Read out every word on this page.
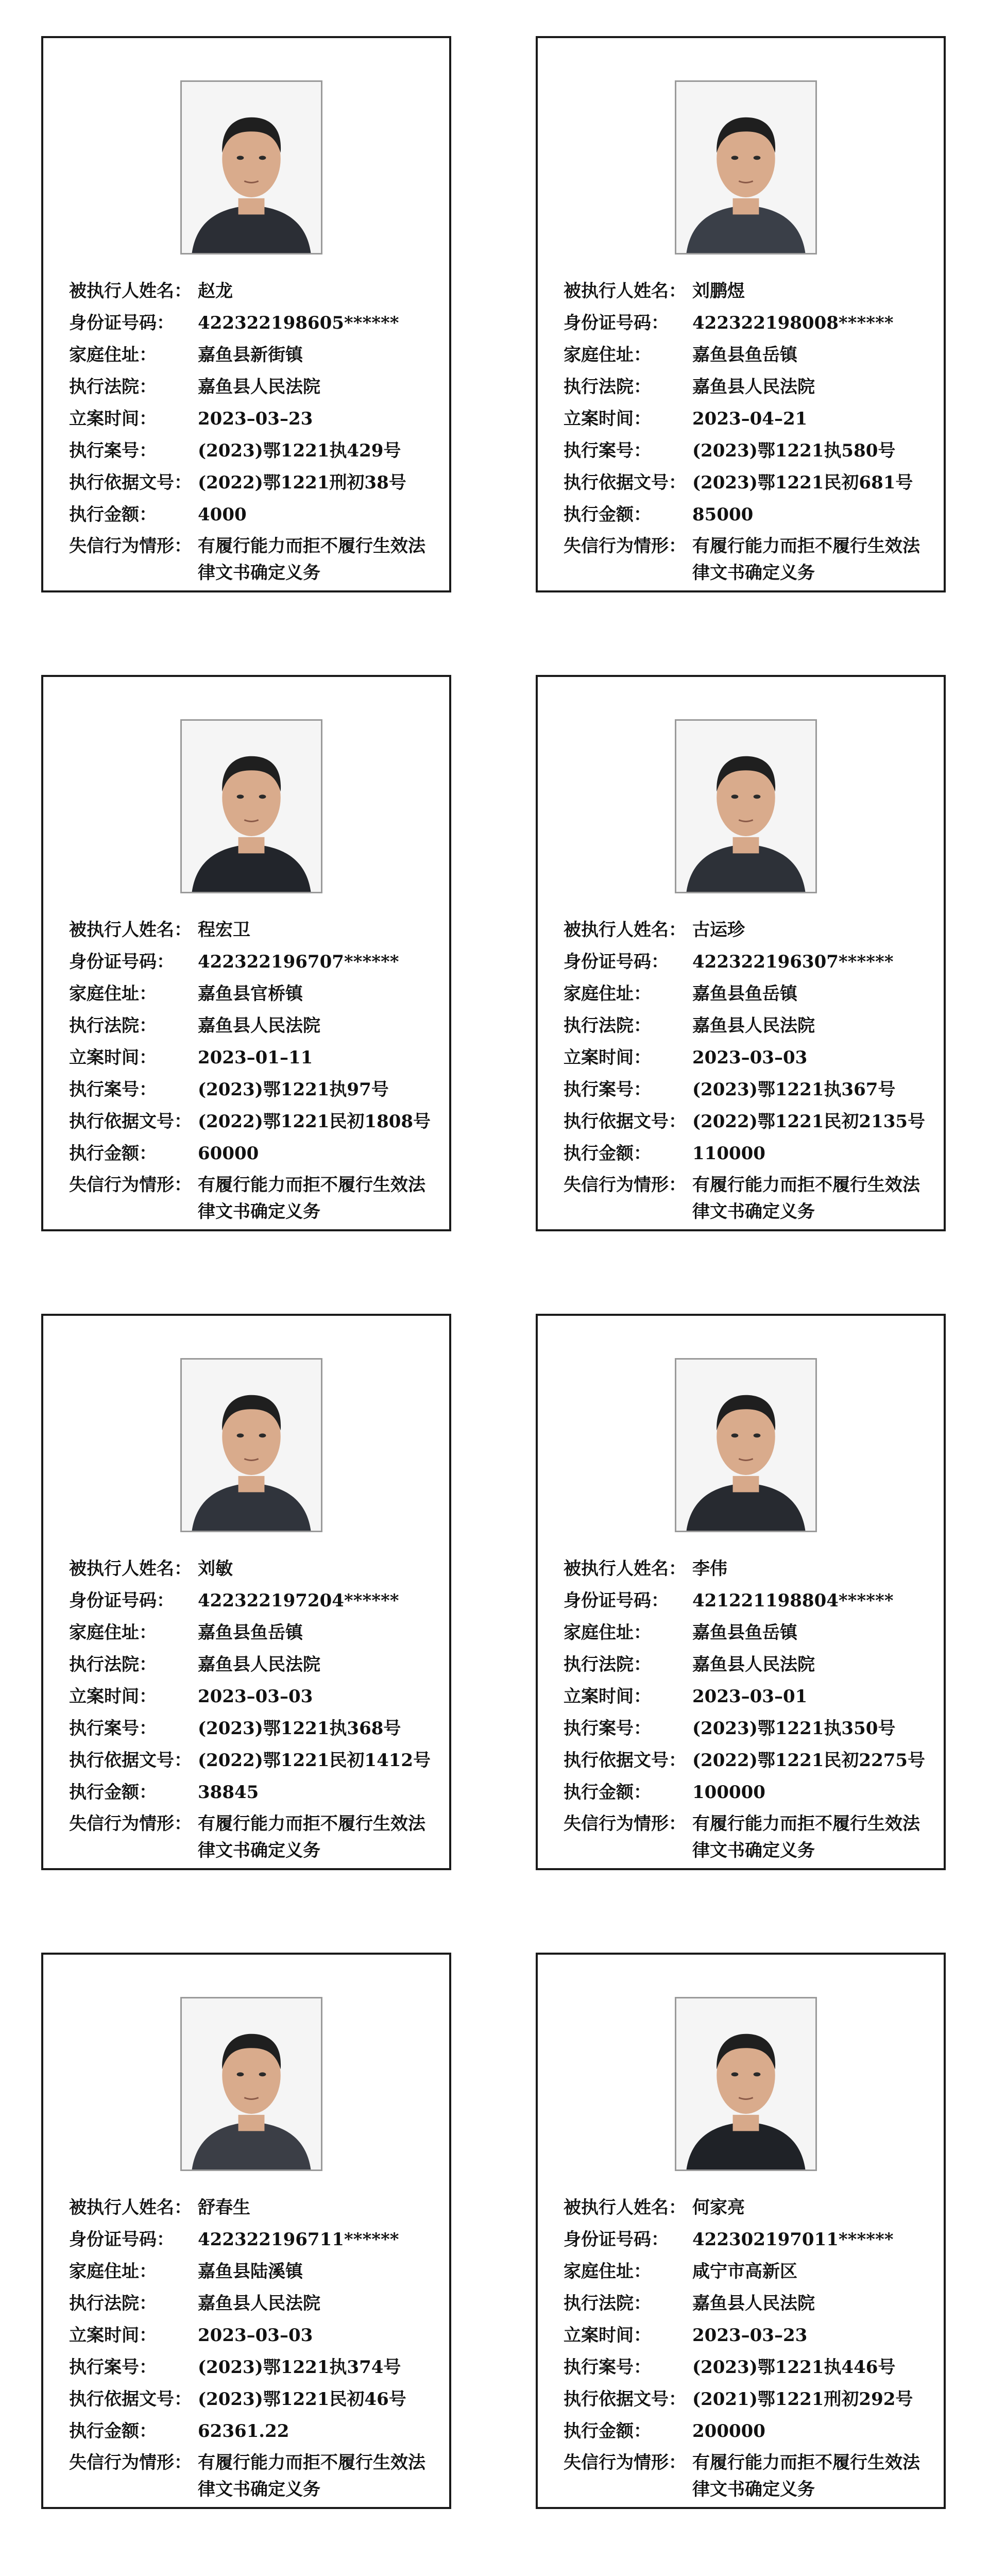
被执行人姓名： 赵龙
身份证号码：	422322198605******
家庭住址：	嘉鱼县新街镇
执行法院：	嘉鱼县人民法院
立案时间：	2023–03–23
执行案号：	(2023)鄂1221执429号
执行依据文号： (2022)鄂1221刑初38号
执行金额：	4000
失信行为情形： 有履行能力而拒不履行生效法律文书确定义务
被执行人姓名： 刘鹏煜
身份证号码：	422322198008******
家庭住址：	嘉鱼县鱼岳镇
执行法院：	嘉鱼县人民法院
立案时间：	2023–04–21
执行案号：	(2023)鄂1221执580号
执行依据文号： (2023)鄂1221民初681号
执行金额：	85000
失信行为情形： 有履行能力而拒不履行生效法律文书确定义务
被执行人姓名： 程宏卫
身份证号码：	422322196707******
家庭住址：	嘉鱼县官桥镇
执行法院：	嘉鱼县人民法院
立案时间：	2023–01–11
执行案号：	(2023)鄂1221执97号
执行依据文号： (2022)鄂1221民初1808号
执行金额：	60000
失信行为情形： 有履行能力而拒不履行生效法律文书确定义务
被执行人姓名： 古运珍
身份证号码：	422322196307******
家庭住址：	嘉鱼县鱼岳镇
执行法院：	嘉鱼县人民法院
立案时间：	2023–03–03
执行案号：	(2023)鄂1221执367号
执行依据文号： (2022)鄂1221民初2135号
执行金额：	110000
失信行为情形： 有履行能力而拒不履行生效法律文书确定义务
被执行人姓名： 刘敏
身份证号码：	422322197204******
家庭住址：	嘉鱼县鱼岳镇
执行法院：	嘉鱼县人民法院
立案时间：	2023–03–03
执行案号：	(2023)鄂1221执368号
执行依据文号： (2022)鄂1221民初1412号
执行金额：	38845
失信行为情形： 有履行能力而拒不履行生效法律文书确定义务
被执行人姓名： 李伟
身份证号码：	421221198804******
家庭住址：	嘉鱼县鱼岳镇
执行法院：	嘉鱼县人民法院
立案时间：	2023–03–01
执行案号：	(2023)鄂1221执350号
执行依据文号： (2022)鄂1221民初2275号
执行金额：	100000
失信行为情形： 有履行能力而拒不履行生效法律文书确定义务
被执行人姓名： 舒春生
身份证号码：	422322196711******
家庭住址：	嘉鱼县陆溪镇
执行法院：	嘉鱼县人民法院
立案时间：	2023–03–03
执行案号：	(2023)鄂1221执374号
执行依据文号： (2023)鄂1221民初46号
执行金额：	62361.22
失信行为情形： 有履行能力而拒不履行生效法律文书确定义务
被执行人姓名： 何家亮
身份证号码：	422302197011******
家庭住址：	咸宁市高新区
执行法院：	嘉鱼县人民法院
立案时间：	2023–03–23
执行案号：	(2023)鄂1221执446号
执行依据文号： (2021)鄂1221刑初292号
执行金额：	200000
失信行为情形： 有履行能力而拒不履行生效法律文书确定义务
